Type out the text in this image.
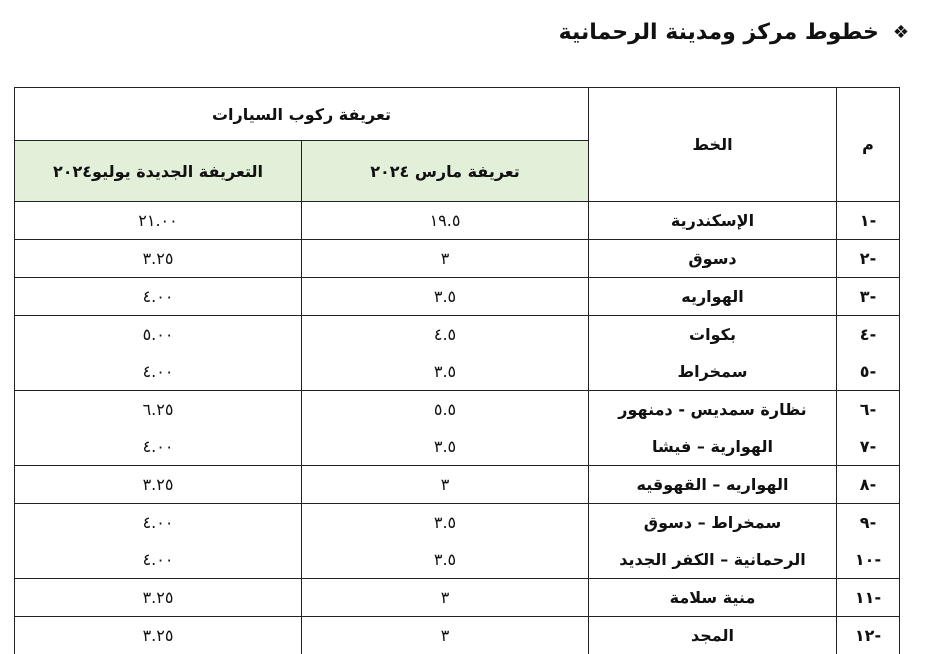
❖
خطوط مركز ومدينة الرحمانية
م	الخط	تعريفة ركوب السيارات	
		تعريفة مارس ٢٠٢٤	التعريفة الجديدة يوليو٢٠٢٤
-١	الإسكندرية	١٩.٥	٢١.٠٠
-٢	دسوق	٣	٣.٢٥
-٣	الهواريه	٣.٥	٤.٠٠
-٤	بكوات	٤.٥	٥.٠٠
-٥	سمخراط	٣.٥	٤.٠٠
-٦	نظارة سمديس - دمنهور	٥.٥	٦.٢٥
-٧	الهوارية – فيشا	٣.٥	٤.٠٠
-٨	الهواريه – القهوقيه	٣	٣.٢٥
-٩	سمخراط – دسوق	٣.٥	٤.٠٠
-١٠	الرحمانية – الكفر الجديد	٣.٥	٤.٠٠
-١١	منية سلامة	٣	٣.٢٥
-١٢	المجد	٣	٣.٢٥
